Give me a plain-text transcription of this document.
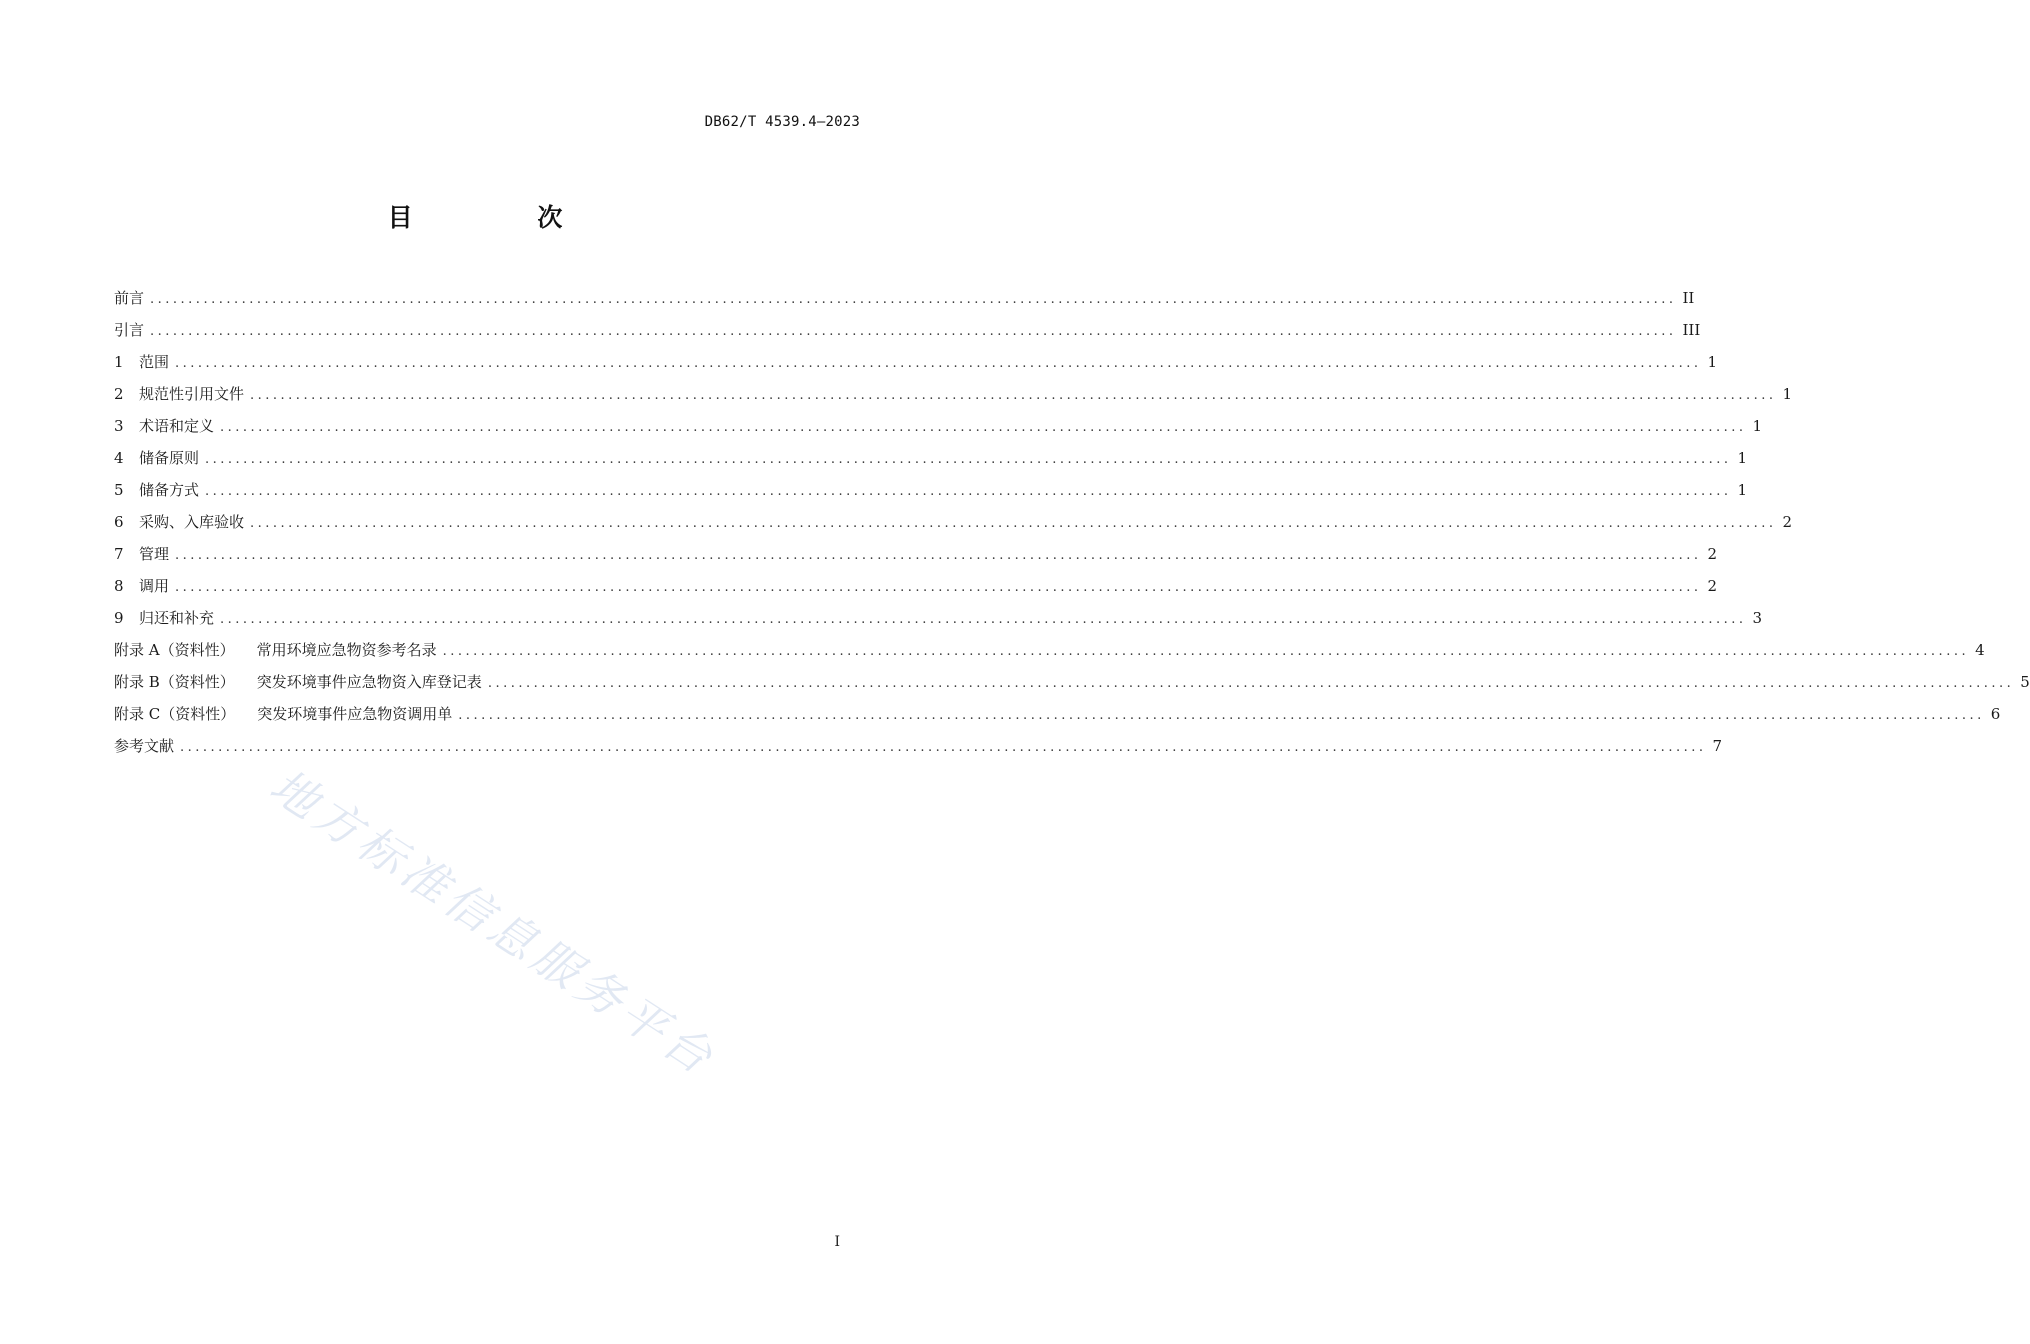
DB62/T 4539.4—2023
目 次
前言 ........................................................................................................................................................................................................ II
引言 ........................................................................................................................................................................................................ III
1	范围 ........................................................................................................................................................................................................ 1
2	规范性引用文件 ........................................................................................................................................................................................................ 1
3	术语和定义 ........................................................................................................................................................................................................ 1
4	储备原则 ........................................................................................................................................................................................................ 1
5	储备方式 ........................................................................................................................................................................................................ 1
6	采购、入库验收 ........................................................................................................................................................................................................ 2
7	管理 ........................................................................................................................................................................................................ 2
8	调用 ........................................................................................................................................................................................................ 2
9	归还和补充 ........................................................................................................................................................................................................ 3
附录 A（资料性） 常用环境应急物资参考名录 ........................................................................................................................................................................................................ 4
附录 B（资料性） 突发环境事件应急物资入库登记表 ........................................................................................................................................................................................................ 5
附录 C（资料性） 突发环境事件应急物资调用单 ........................................................................................................................................................................................................ 6
参考文献 ........................................................................................................................................................................................................ 7
地方标准信息服务平台
I
